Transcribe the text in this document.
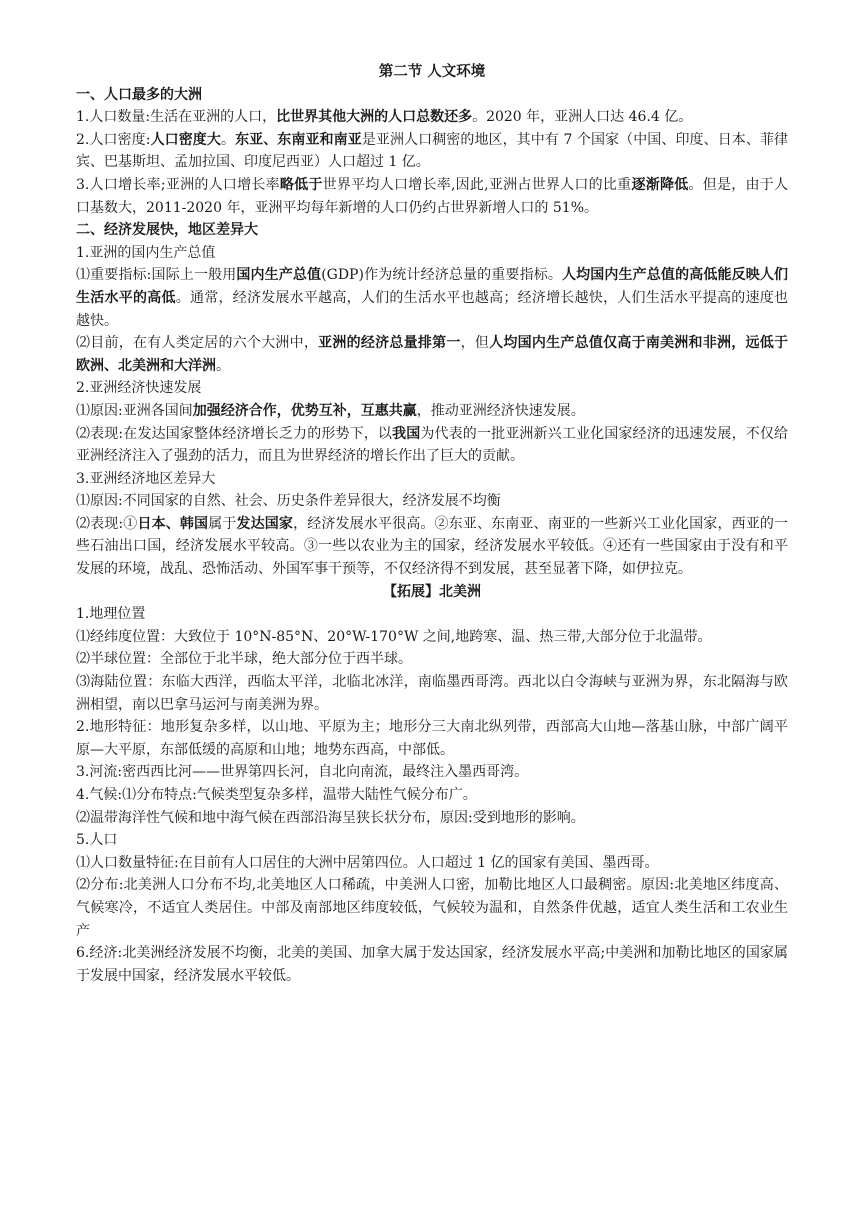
第二节 人文环境

一、人口最多的大洲

1.人口数量:生活在亚洲的人口，比世界其他大洲的人口总数还多。2020 年，亚洲人口达 46.4 亿。

2.人口密度:人口密度大。东亚、东南亚和南亚是亚洲人口稠密的地区，其中有 7 个国家（中国、印度、日本、菲律宾、巴基斯坦、孟加拉国、印度尼西亚）人口超过 1 亿。

3.人口增长率;亚洲的人口增长率略低于世界平均人口增长率,因此,亚洲占世界人口的比重逐渐降低。但是，由于人口基数大，2011-2020 年，亚洲平均每年新增的人口仍约占世界新增人口的 51%。

二、经济发展快，地区差异大

1.亚洲的国内生产总值

⑴重要指标:国际上一般用国内生产总值(GDP)作为统计经济总量的重要指标。人均国内生产总值的高低能反映人们生活水平的高低。通常，经济发展水平越高，人们的生活水平也越高；经济增长越快，人们生活水平提高的速度也越快。

⑵目前，在有人类定居的六个大洲中，亚洲的经济总量排第一，但人均国内生产总值仅高于南美洲和非洲，远低于欧洲、北美洲和大洋洲。

2.亚洲经济快速发展

⑴原因:亚洲各国间加强经济合作，优势互补，互惠共赢，推动亚洲经济快速发展。

⑵表现:在发达国家整体经济增长乏力的形势下，以我国为代表的一批亚洲新兴工业化国家经济的迅速发展，不仅给亚洲经济注入了强劲的活力，而且为世界经济的增长作出了巨大的贡献。

3.亚洲经济地区差异大

⑴原因:不同国家的自然、社会、历史条件差异很大，经济发展不均衡

⑵表现:①日本、韩国属于发达国家，经济发展水平很高。②东亚、东南亚、南亚的一些新兴工业化国家，西亚的一些石油出口国，经济发展水平较高。③一些以农业为主的国家，经济发展水平较低。④还有一些国家由于没有和平发展的环境，战乱、恐怖活动、外国军事干预等，不仅经济得不到发展，甚至显著下降，如伊拉克。

【拓展】北美洲

1.地理位置

⑴经纬度位置：大致位于 10°N-85°N、20°W-170°W 之间,地跨寒、温、热三带,大部分位于北温带。

⑵半球位置：全部位于北半球，绝大部分位于西半球。

⑶海陆位置：东临大西洋，西临太平洋，北临北冰洋，南临墨西哥湾。西北以白令海峡与亚洲为界，东北隔海与欧洲相望，南以巴拿马运河与南美洲为界。

2.地形特征：地形复杂多样，以山地、平原为主；地形分三大南北纵列带，西部高大山地—落基山脉，中部广阔平原—大平原，东部低缓的高原和山地；地势东西高，中部低。

3.河流:密西西比河——世界第四长河，自北向南流，最终注入墨西哥湾。

4.气候:⑴分布特点:气候类型复杂多样，温带大陆性气候分布广。

⑵温带海洋性气候和地中海气候在西部沿海呈狭长状分布，原因:受到地形的影响。

5.人口

⑴人口数量特征:在目前有人口居住的大洲中居第四位。人口超过 1 亿的国家有美国、墨西哥。

⑵分布:北美洲人口分布不均,北美地区人口稀疏，中美洲人口密，加勒比地区人口最稠密。原因:北美地区纬度高、气候寒冷，不适宜人类居住。中部及南部地区纬度较低，气候较为温和，自然条件优越，适宜人类生活和工农业生产

6.经济:北美洲经济发展不均衡，北美的美国、加拿大属于发达国家，经济发展水平高;中美洲和加勒比地区的国家属于发展中国家，经济发展水平较低。
